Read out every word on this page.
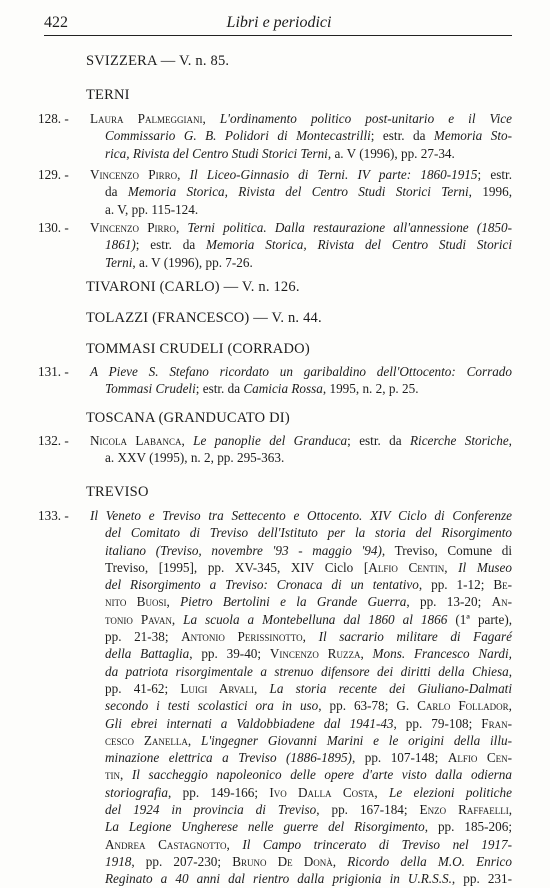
422	Libri e periodici
SVIZZERA — V. n. 85.
TERNI
128. - Laura Palmeggiani, L'ordinamento politico post-unitario e il Vice
Commissario G. B. Polidori di Montecastrilli; estr. da Memoria Sto-
rica, Rivista del Centro Studi Storici Terni, a. V (1996), pp. 27-34.
129. - Vincenzo Pirro, Il Liceo-Ginnasio di Terni. IV parte: 1860-1915; estr.
da Memoria Storica, Rivista del Centro Studi Storici Terni, 1996,
a. V, pp. 115-124.
130. - Vincenzo Pirro, Terni politica. Dalla restaurazione all'annessione (1850-
1861); estr. da Memoria Storica, Rivista del Centro Studi Storici
Terni, a. V (1996), pp. 7-26.
TIVARONI (CARLO) — V. n. 126.
TOLAZZI (FRANCESCO) — V. n. 44.
TOMMASI CRUDELI (CORRADO)
131. - A Pieve S. Stefano ricordato un garibaldino dell'Ottocento: Corrado
Tommasi Crudeli; estr. da Camicia Rossa, 1995, n. 2, p. 25.
TOSCANA (GRANDUCATO DI)
132. - Nicola Labanca, Le panoplie del Granduca; estr. da Ricerche Storiche,
a. XXV (1995), n. 2, pp. 295-363.
TREVISO
133. - Il Veneto e Treviso tra Settecento e Ottocento. XIV Ciclo di Conferenze
del Comitato di Treviso dell'Istituto per la storia del Risorgimento
italiano (Treviso, novembre '93 - maggio '94), Treviso, Comune di
Treviso, [1995], pp. XV-345, XIV Ciclo [Alfio Centin, Il Museo
del Risorgimento a Treviso: Cronaca di un tentativo, pp. 1-12; Be-
nito Buosi, Pietro Bertolini e la Grande Guerra, pp. 13-20; An-
tonio Pavan, La scuola a Montebelluna dal 1860 al 1866 (1ª parte),
pp. 21-38; Antonio Perissinotto, Il sacrario militare di Fagaré
della Battaglia, pp. 39-40; Vincenzo Ruzza, Mons. Francesco Nardi,
da patriota risorgimentale a strenuo difensore dei diritti della Chiesa,
pp. 41-62; Luigi Arvali, La storia recente dei Giuliano-Dalmati
secondo i testi scolastici ora in uso, pp. 63-78; G. Carlo Follador,
Gli ebrei internati a Valdobbiadene dal 1941-43, pp. 79-108; Fran-
cesco Zanella, L'ingegner Giovanni Marini e le origini della illu-
minazione elettrica a Treviso (1886-1895), pp. 107-148; Alfio Cen-
tin, Il saccheggio napoleonico delle opere d'arte visto dalla odierna
storiografia, pp. 149-166; Ivo Dalla Costa, Le elezioni politiche
del 1924 in provincia di Treviso, pp. 167-184; Enzo Raffaelli,
La Legione Ungherese nelle guerre del Risorgimento, pp. 185-206;
Andrea Castagnotto, Il Campo trincerato di Treviso nel 1917-
1918, pp. 207-230; Bruno De Donà, Ricordo della M.O. Enrico
Reginato a 40 anni dal rientro dalla prigionia in U.R.S.S., pp. 231-
